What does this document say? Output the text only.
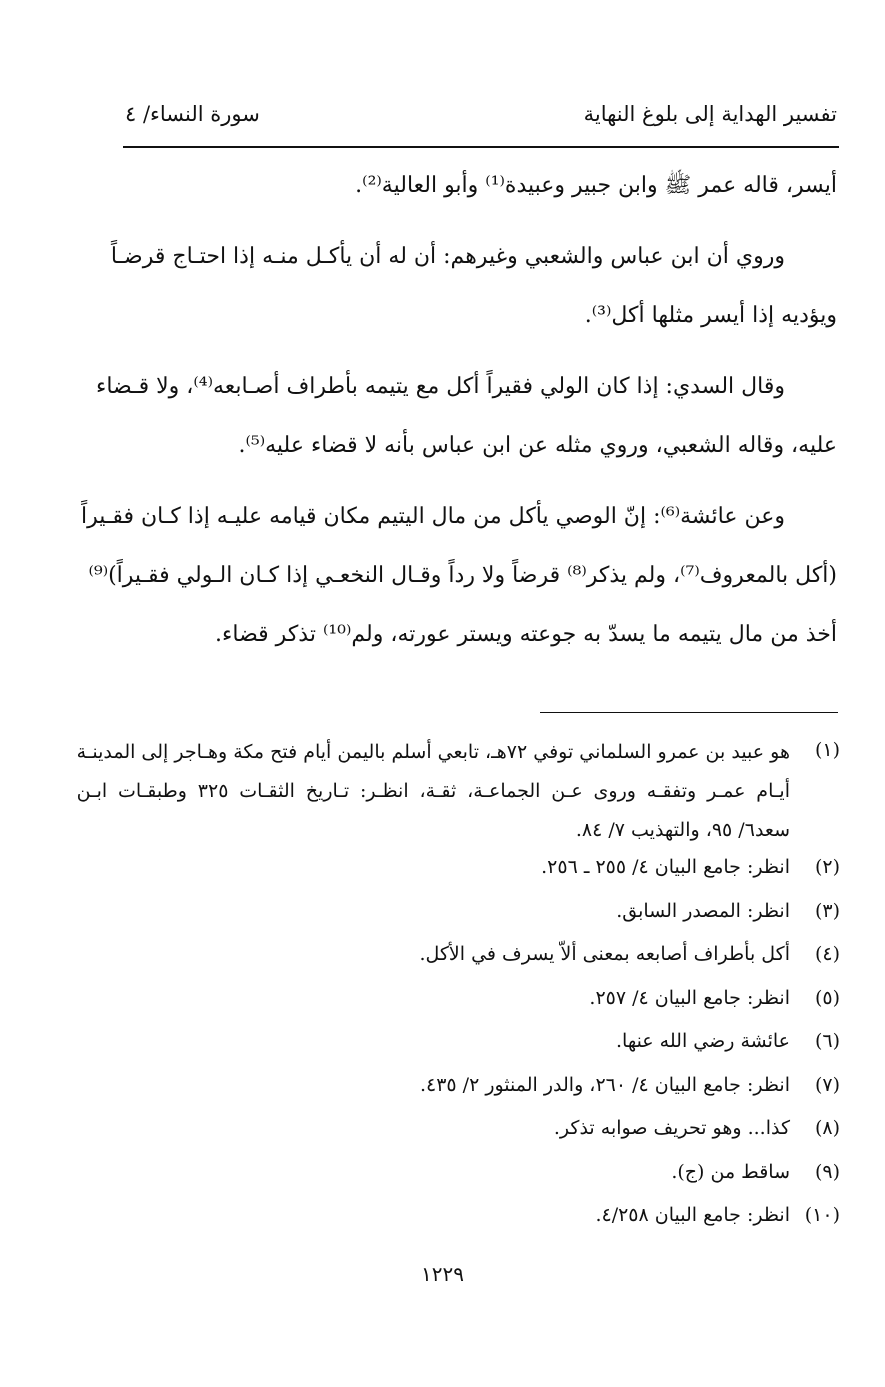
تفسير الهداية إلى بلوغ النهاية
سورة النساء/ ٤
أيسر، قاله عمر ﷺ وابن جبير وعبيدة⁽¹⁾ وأبو العالية⁽²⁾.
وروي أن ابن عباس والشعبي وغيرهم: أن له أن يأكـل منـه إذا احتـاج قرضـاً
ويؤديه إذا أيسر مثلها أكل⁽³⁾.
وقال السدي: إذا كان الولي فقيراً أكل مع يتيمه بأطراف أصـابعه⁽⁴⁾، ولا قـضاء
عليه، وقاله الشعبي، وروي مثله عن ابن عباس بأنه لا قضاء عليه⁽⁵⁾.
وعن عائشة⁽⁶⁾: إنّ الوصي يأكل من مال اليتيم مكان قيامه عليـه إذا كـان فقـيراً
(أكل بالمعروف⁽⁷⁾، ولم يذكر⁽⁸⁾ قرضاً ولا رداً وقـال النخعـي إذا كـان الـولي فقـيراً)⁽⁹⁾
أخذ من مال يتيمه ما يسدّ به جوعته ويستر عورته، ولم⁽¹⁰⁾ تذكر قضاء.
(١)
هو عبيد بن عمرو السلماني توفي ٧٢هـ، تابعي أسلم باليمن أيام فتح مكة وهـاجر إلى المدينـة
أيـام عمـر وتفقـه وروى عـن الجماعـة، ثقـة، انظـر: تـاريخ الثقـات ٣٢٥ وطبقـات ابـن
سعد٦/ ٩٥، والتهذيب ٧/ ٨٤.
(٢)
انظر: جامع البيان ٤/ ٢٥٥ ـ ٢٥٦.
(٣)
انظر: المصدر السابق.
(٤)
أكل بأطراف أصابعه بمعنى ألاّ يسرف في الأكل.
(٥)
انظر: جامع البيان ٤/ ٢٥٧.
(٦)
عائشة رضي الله عنها.
(٧)
انظر: جامع البيان ٤/ ٢٦٠، والدر المنثور ٢/ ٤٣٥.
(٨)
كذا... وهو تحريف صوابه تذكر.
(٩)
ساقط من (ج).
(١٠)
انظر: جامع البيان ٤/٢٥٨.
١٢٢٩
